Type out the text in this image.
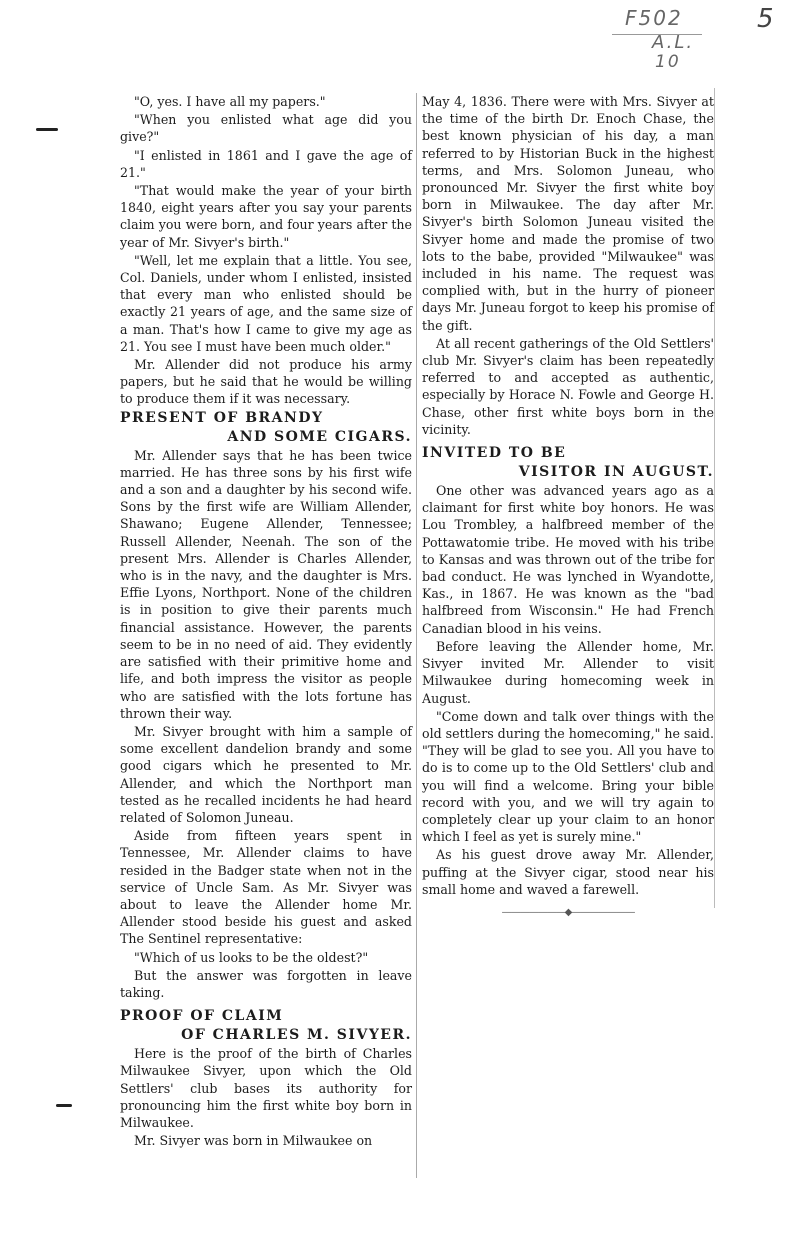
F502
A.L.
10
5

"O, yes. I have all my papers."

"When you enlisted what age did you give?"

"I enlisted in 1861 and I gave the age of 21."

"That would make the year of your birth 1840, eight years after you say your parents claim you were born, and four years after the year of Mr. Sivyer's birth."

"Well, let me explain that a little. You see, Col. Daniels, under whom I enlisted, insisted that every man who enlisted should be exactly 21 years of age, and the same size of a man. That's how I came to give my age as 21. You see I must have been much older."

Mr. Allender did not produce his army papers, but he said that he would be willing to produce them if it was necessary.

PRESENT OF BRANDY

AND SOME CIGARS.

Mr. Allender says that he has been twice married. He has three sons by his first wife and a son and a daughter by his second wife. Sons by the first wife are William Allender, Shawano; Eugene Allender, Tennessee; Russell Allender, Neenah. The son of the present Mrs. Allender is Charles Allender, who is in the navy, and the daughter is Mrs. Effie Lyons, Northport. None of the children is in position to give their parents much financial assistance. However, the parents seem to be in no need of aid. They evidently are satisfied with their primitive home and life, and both impress the visitor as people who are satisfied with the lots fortune has thrown their way.

Mr. Sivyer brought with him a sample of some excellent dandelion brandy and some good cigars which he presented to Mr. Allender, and which the Northport man tested as he recalled incidents he had heard related of Solomon Juneau.

Aside from fifteen years spent in Tennessee, Mr. Allender claims to have resided in the Badger state when not in the service of Uncle Sam. As Mr. Sivyer was about to leave the Allender home Mr. Allender stood beside his guest and asked The Sentinel representative:

"Which of us looks to be the oldest?"

But the answer was forgotten in leave taking.

PROOF OF CLAIM

OF CHARLES M. SIVYER.

Here is the proof of the birth of Charles Milwaukee Sivyer, upon which the Old Settlers' club bases its authority for pronouncing him the first white boy born in Milwaukee.

Mr. Sivyer was born in Milwaukee on

May 4, 1836. There were with Mrs. Sivyer at the time of the birth Dr. Enoch Chase, the best known physician of his day, a man referred to by Historian Buck in the highest terms, and Mrs. Solomon Juneau, who pronounced Mr. Sivyer the first white boy born in Milwaukee. The day after Mr. Sivyer's birth Solomon Juneau visited the Sivyer home and made the promise of two lots to the babe, provided "Milwaukee" was included in his name. The request was complied with, but in the hurry of pioneer days Mr. Juneau forgot to keep his promise of the gift.

At all recent gatherings of the Old Settlers' club Mr. Sivyer's claim has been repeatedly referred to and accepted as authentic, especially by Horace N. Fowle and George H. Chase, other first white boys born in the vicinity.

INVITED TO BE

VISITOR IN AUGUST.

One other was advanced years ago as a claimant for first white boy honors. He was Lou Trombley, a halfbreed member of the Pottawatomie tribe. He moved with his tribe to Kansas and was thrown out of the tribe for bad conduct. He was lynched in Wyandotte, Kas., in 1867. He was known as the "bad halfbreed from Wisconsin." He had French Canadian blood in his veins.

Before leaving the Allender home, Mr. Sivyer invited Mr. Allender to visit Milwaukee during homecoming week in August.

"Come down and talk over things with the old settlers during the homecoming," he said. "They will be glad to see you. All you have to do is to come up to the Old Settlers' club and you will find a welcome. Bring your bible record with you, and we will try again to completely clear up your claim to an honor which I feel as yet is surely mine."

As his guest drove away Mr. Allender, puffing at the Sivyer cigar, stood near his small home and waved a farewell.

———————◆———————
